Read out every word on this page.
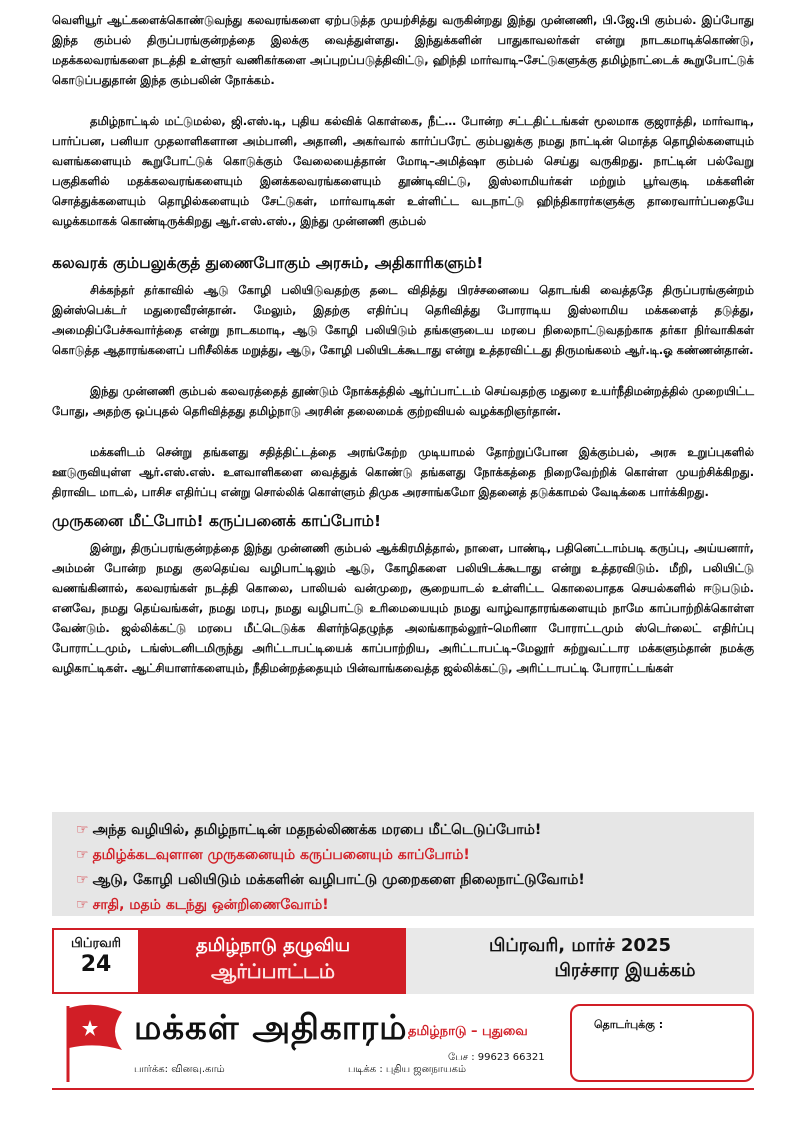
வெளியூர் ஆட்களைக்கொண்டுவந்து கலவரங்களை ஏற்படுத்த முயற்சித்து வருகின்றது இந்து முன்னணி, பி.ஜே.பி கும்பல். இப்போது இந்த கும்பல் திருப்பரங்குன்றத்தை இலக்கு வைத்துள்ளது. இந்துக்களின் பாதுகாவலர்கள் என்று நாடகமாடிக்கொண்டு, மதக்கலவரங்களை நடத்தி உள்ளூர் வணிகர்களை அப்புறப்படுத்திவிட்டு, ஹிந்தி மார்வாடி–சேட்டுகளுக்கு தமிழ்நாட்டைக் கூறுபோட்டுக் கொடுப்பதுதான் இந்த கும்பலின் நோக்கம்.

தமிழ்நாட்டில் மட்டுமல்ல, ஜி.எஸ்.டி, புதிய கல்விக் கொள்கை, நீட்… போன்ற சட்டதிட்டங்கள் மூலமாக குஜராத்தி, மார்வாடி, பார்ப்பன, பனியா முதலாளிகளான அம்பானி, அதானி, அகர்வால் கார்ப்பரேட் கும்பலுக்கு நமது நாட்டின் மொத்த தொழில்களையும் வளங்களையும் கூறுபோட்டுக் கொடுக்கும் வேலையைத்தான் மோடி–அமித்ஷா கும்பல் செய்து வருகிறது. நாட்டின் பல்வேறு பகுதிகளில் மதக்கலவரங்களையும் இனக்கலவரங்களையும் தூண்டிவிட்டு, இஸ்லாமியர்கள் மற்றும் பூர்வகுடி மக்களின் சொத்துக்களையும் தொழில்களையும் சேட்டுகள், மார்வாடிகள் உள்ளிட்ட வடநாட்டு ஹிந்திகாரர்களுக்கு தாரைவார்ப்பதையே வழக்கமாகக் கொண்டிருக்கிறது ஆர்.எஸ்.எஸ்., இந்து முன்னணி கும்பல்

கலவரக் கும்பலுக்குத் துணைபோகும் அரசும், அதிகாரிகளும்!

சிக்கந்தர் தர்காவில் ஆடு கோழி பலியிடுவதற்கு தடை விதித்து பிரச்சனையை தொடங்கி வைத்ததே திருப்பரங்குன்றம் இன்ஸ்பெக்டர் மதுரைவீரன்தான். மேலும், இதற்கு எதிர்ப்பு தெரிவித்து போராடிய இஸ்லாமிய மக்களைத் தடுத்து, அமைதிப்பேச்சுவார்த்தை என்று நாடகமாடி, ஆடு கோழி பலியிடும் தங்களுடைய மரபை நிலைநாட்டுவதற்காக தர்கா நிர்வாகிகள் கொடுத்த ஆதாரங்களைப் பரிசீலிக்க மறுத்து, ஆடு, கோழி பலியிடக்கூடாது என்று உத்தரவிட்டது திருமங்கலம் ஆர்.டி.ஓ கண்ணன்தான்.

இந்து முன்னணி கும்பல் கலவரத்தைத் தூண்டும் நோக்கத்தில் ஆர்ப்பாட்டம் செய்வதற்கு மதுரை உயர்நீதிமன்றத்தில் முறையிட்ட போது, அதற்கு ஒப்புதல் தெரிவித்தது தமிழ்நாடு அரசின் தலைமைக் குற்றவியல் வழக்கறிஞர்தான்.

மக்களிடம் சென்று தங்களது சதித்திட்டத்தை அரங்கேற்ற முடியாமல் தோற்றுப்போன இக்கும்பல், அரசு உறுப்புகளில் ஊடுருவியுள்ள ஆர்.எஸ்.எஸ். உளவாளிகளை வைத்துக் கொண்டு தங்களது நோக்கத்தை நிறைவேற்றிக் கொள்ள முயற்சிக்கிறது. திராவிட மாடல், பாசிச எதிர்ப்பு என்று சொல்லிக் கொள்ளும் திமுக அரசாங்கமோ இதனைத் தடுக்காமல் வேடிக்கை பார்க்கிறது.

முருகனை மீட்போம்! கருப்பனைக் காப்போம்!

இன்று, திருப்பரங்குன்றத்தை இந்து முன்னணி கும்பல் ஆக்கிரமித்தால், நாளை, பாண்டி, பதினெட்டாம்படி கருப்பு, அய்யனார், அம்மன் போன்ற நமது குலதெய்வ வழிபாட்டிலும் ஆடு, கோழிகளை பலியிடக்கூடாது என்று உத்தரவிடும். மீறி, பலியிட்டு வணங்கினால், கலவரங்கள் நடத்தி கொலை, பாலியல் வன்முறை, சூறையாடல் உள்ளிட்ட கொலைபாதக செயல்களில் ஈடுபடும். எனவே, நமது தெய்வங்கள், நமது மரபு, நமது வழிபாட்டு உரிமையையும் நமது வாழ்வாதாரங்களையும் நாமே காப்பாற்றிக்கொள்ள வேண்டும். ஜல்லிக்கட்டு மரபை மீட்டெடுக்க கிளர்ந்தெழுந்த அலங்காநல்லூர்–மெரினா போராட்டமும் ஸ்டெர்லைட் எதிர்ப்பு போராட்டமும், டங்ஸ்டனிடமிருந்து அரிட்டாபட்டியைக் காப்பாற்றிய, அரிட்டாபட்டி–மேலூர் சுற்றுவட்டார மக்களும்தான் நமக்கு வழிகாட்டிகள். ஆட்சியாளர்களையும், நீதிமன்றத்தையும் பின்வாங்கவைத்த ஜல்லிக்கட்டு, அரிட்டாபட்டி போராட்டங்கள்

☞ அந்த வழியில், தமிழ்நாட்டின் மதநல்லிணக்க மரபை மீட்டெடுப்போம்!

☞ தமிழ்க்கடவுளான முருகனையும் கருப்பனையும் காப்போம்!

☞ ஆடு, கோழி பலியிடும் மக்களின் வழிபாட்டு முறைகளை நிலைநாட்டுவோம்!

☞ சாதி, மதம் கடந்து ஒன்றிணைவோம்!

பிப்ரவரி
24
தமிழ்நாடு தழுவிய
ஆர்ப்பாட்டம்
பிப்ரவரி, மார்ச் 2025
பிரச்சார இயக்கம்
மக்கள் அதிகாரம் தமிழ்நாடு – புதுவை
பேச : 99623 66321
பார்க்க: வினவு.காம்	படிக்க : புதிய ஜனநாயகம்
தொடர்புக்கு :
